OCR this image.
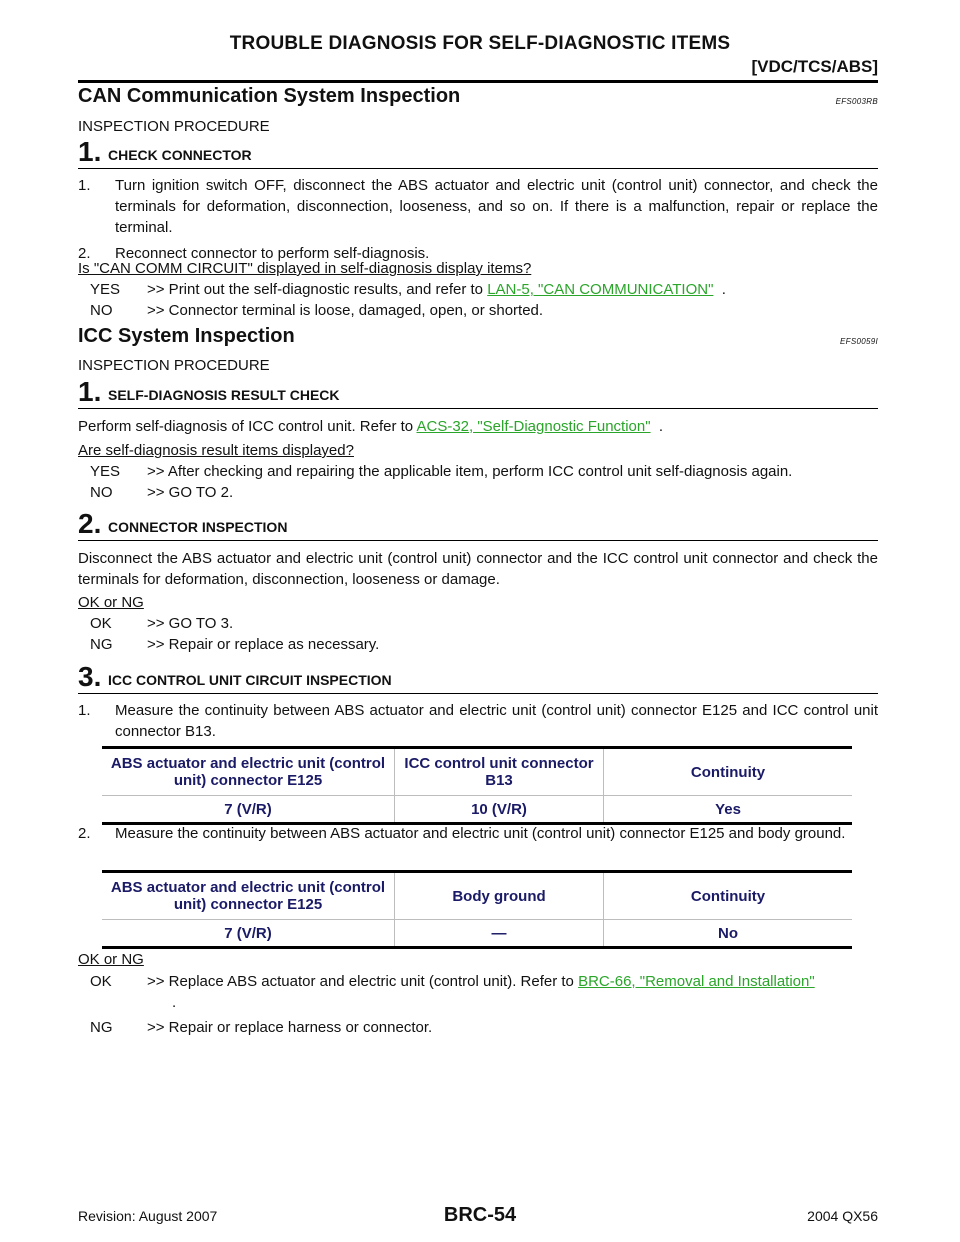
TROUBLE DIAGNOSIS FOR SELF-DIAGNOSTIC ITEMS
[VDC/TCS/ABS]
CAN Communication System Inspection	EFS003RB
INSPECTION PROCEDURE
1. CHECK CONNECTOR
1. Turn ignition switch OFF, disconnect the ABS actuator and electric unit (control unit) connector, and check the terminals for deformation, disconnection, looseness, and so on. If there is a malfunction, repair or replace the terminal.
2. Reconnect connector to perform self-diagnosis.
Is "CAN COMM CIRCUIT" displayed in self-diagnosis display items?
YES	>> Print out the self-diagnostic results, and refer to LAN-5, "CAN COMMUNICATION" .
NO	>> Connector terminal is loose, damaged, open, or shorted.
ICC System Inspection	EFS0059I
INSPECTION PROCEDURE
1. SELF-DIAGNOSIS RESULT CHECK
Perform self-diagnosis of ICC control unit. Refer to ACS-32, "Self-Diagnostic Function" .
Are self-diagnosis result items displayed?
YES	>> After checking and repairing the applicable item, perform ICC control unit self-diagnosis again.
NO	>> GO TO 2.
2. CONNECTOR INSPECTION
Disconnect the ABS actuator and electric unit (control unit) connector and the ICC control unit connector and check the terminals for deformation, disconnection, looseness or damage.
OK or NG
OK	>> GO TO 3.
NG	>> Repair or replace as necessary.
3. ICC CONTROL UNIT CIRCUIT INSPECTION
1. Measure the continuity between ABS actuator and electric unit (control unit) connector E125 and ICC control unit connector B13.
ABS actuator and electric unit (control unit) connector E125	ICC control unit connector B13	Continuity
7 (V/R)	10 (V/R)	Yes
2. Measure the continuity between ABS actuator and electric unit (control unit) connector E125 and body ground.
ABS actuator and electric unit (control unit) connector E125	Body ground	Continuity
7 (V/R)	—	No
OK or NG
OK	>> Replace ABS actuator and electric unit (control unit). Refer to BRC-66, "Removal and Installation"
.
NG	>> Repair or replace harness or connector.
Revision: August 2007	BRC-54	2004 QX56
